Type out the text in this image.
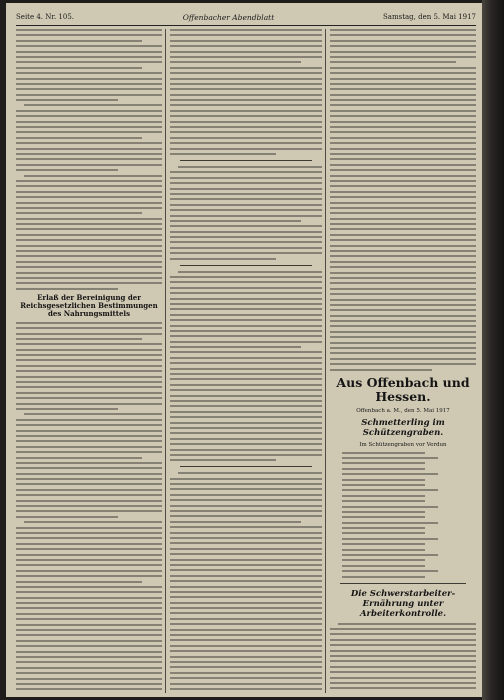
Seite 4. Nr. 105.	Offenbacher Abendblatt	Samstag, den 5. Mai 1917
Erlaß der Bereinigung der Reichsgesetzlichen Bestimmungen des Nahrungsmittels
Aus Offenbach und Hessen.
Offenbach a. M., den 5. Mai 1917
Schmetterling im Schützengraben.
Im Schützengraben vor Verdun
Die Schwerstarbeiter-Ernährung unter Arbeiterkontrolle.
